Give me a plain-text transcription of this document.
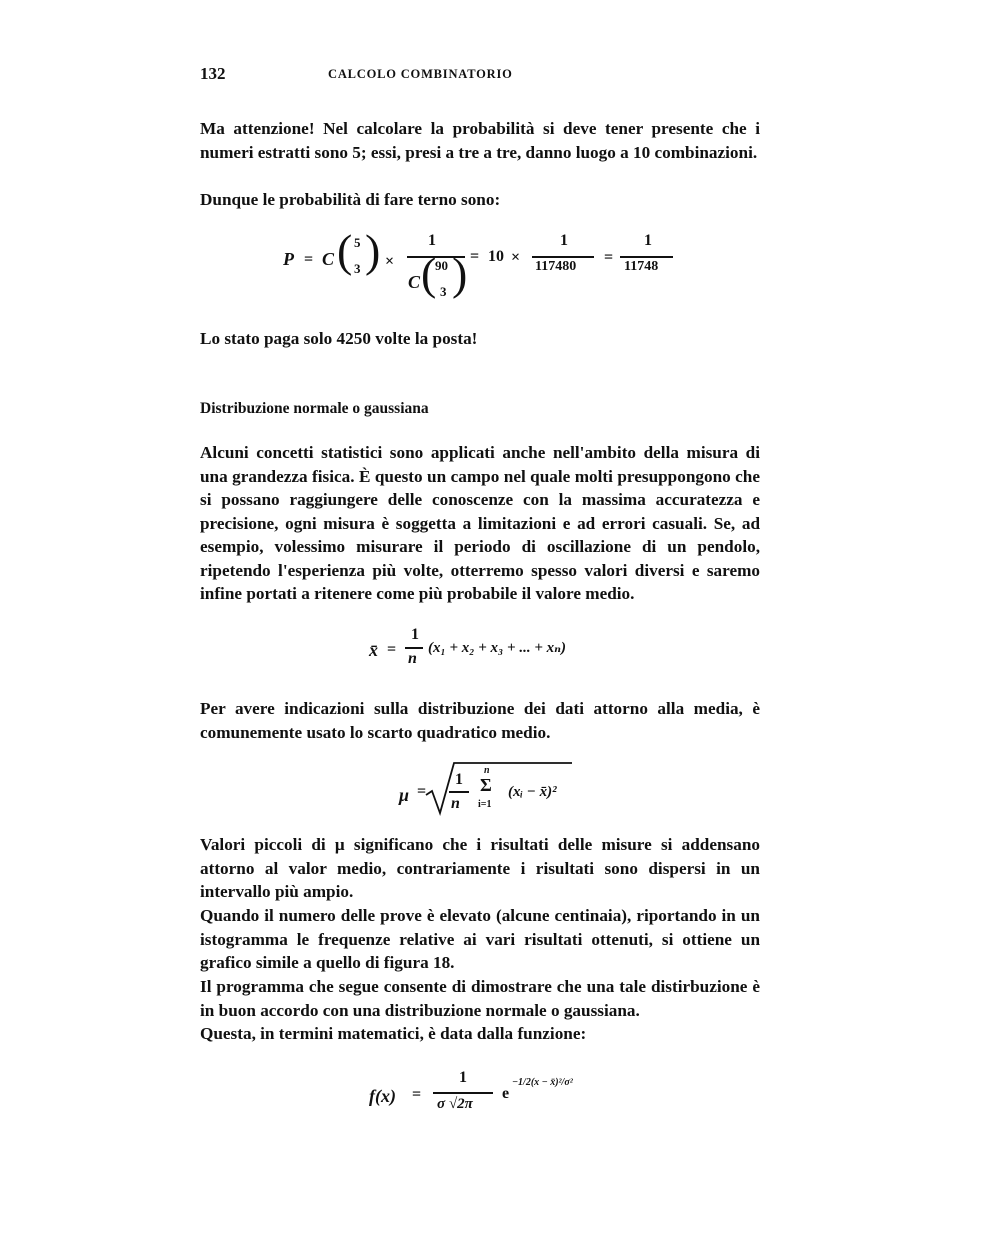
132	CALCOLO COMBINATORIO

Ma attenzione! Nel calcolare la probabilità si deve tener presente che i numeri estratti sono 5; essi, presi a tre a tre, danno luogo a 10 combinazioni.

Dunque le probabilità di fare terno sono:

P = C ( 5
3 ) ×
1
C (
90
3 ) = 10 ×
1
117480
=
1
11748

Lo stato paga solo 4250 volte la posta!

Distribuzione normale o gaussiana

Alcuni concetti statistici sono applicati anche nell'ambito della misura di una grandezza fisica. È questo un campo nel quale molti presuppongono che si possano raggiungere delle conoscenze con la massima accuratezza e precisione, ogni misura è soggetta a limitazioni e ad errori casuali. Se, ad esempio, volessimo misurare il periodo di oscillazione di un pendolo, ripetendo l'esperienza più volte, otterremo spesso valori diversi e saremo infine portati a ritenere come più probabile il valore medio.

x̄ =
1
n
(x₁ + x₂ + x₃ + ... + xₙ)

Per avere indicazioni sulla distribuzione dei dati attorno alla media, è comunemente usato lo scarto quadratico medio.

μ =
1
n
n
Σ
i=1
(xᵢ − x̄)²

Valori piccoli di μ significano che i risultati delle misure si addensano attorno al valor medio, contrariamente i risultati sono dispersi in un intervallo più ampio.

Quando il numero delle prove è elevato (alcune centinaia), riportando in un istogramma le frequenze relative ai vari risultati ottenuti, si ottiene un grafico simile a quello di figura 18.

Il programma che segue consente di dimostrare che una tale distirbuzione è in buon accordo con una distribuzione normale o gaussiana.

Questa, in termini matematici, è data dalla funzione:

f(x) =
1
σ √2π
e
−1/2(x − x̄)²/σ²
